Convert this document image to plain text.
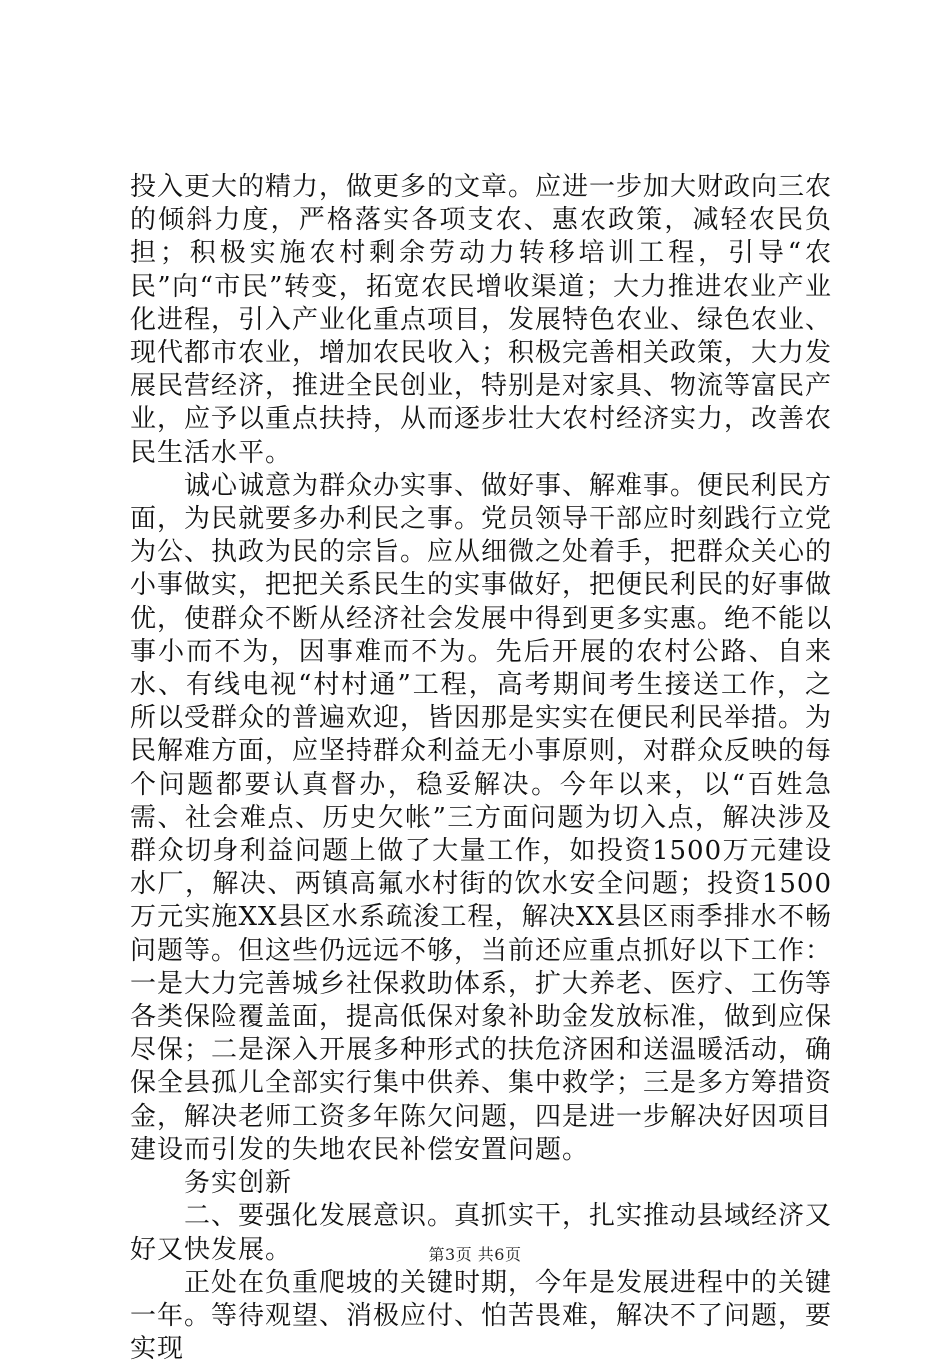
投入更大的精力，做更多的文章。应进一步加大财政向三农的倾斜力度，严格落实各项支农、惠农政策，减轻农民负担；积极实施农村剩余劳动力转移培训工程，引导“农民”向“市民”转变，拓宽农民增收渠道；大力推进农业产业化进程，引入产业化重点项目，发展特色农业、绿色农业、现代都市农业，增加农民收入；积极完善相关政策，大力发展民营经济，推进全民创业，特别是对家具、物流等富民产业，应予以重点扶持，从而逐步壮大农村经济实力，改善农民生活水平。

诚心诚意为群众办实事、做好事、解难事。便民利民方面，为民就要多办利民之事。党员领导干部应时刻践行立党为公、执政为民的宗旨。应从细微之处着手，把群众关心的小事做实，把把关系民生的实事做好，把便民利民的好事做优，使群众不断从经济社会发展中得到更多实惠。绝不能以事小而不为，因事难而不为。先后开展的农村公路、自来水、有线电视“村村通”工程，高考期间考生接送工作，之所以受群众的普遍欢迎，皆因那是实实在便民利民举措。为民解难方面，应坚持群众利益无小事原则，对群众反映的每个问题都要认真督办，稳妥解决。今年以来，以“百姓急需、社会难点、历史欠帐”三方面问题为切入点，解决涉及群众切身利益问题上做了大量工作，如投资1500万元建设水厂，解决、两镇高氟水村街的饮水安全问题；投资1500万元实施XX县区水系疏浚工程，解决XX县区雨季排水不畅问题等。但这些仍远远不够，当前还应重点抓好以下工作：一是大力完善城乡社保救助体系，扩大养老、医疗、工伤等各类保险覆盖面，提高低保对象补助金发放标准，做到应保尽保；二是深入开展多种形式的扶危济困和送温暖活动，确保全县孤儿全部实行集中供养、集中救学；三是多方筹措资金，解决老师工资多年陈欠问题，四是进一步解决好因项目建设而引发的失地农民补偿安置问题。

务实创新

二、要强化发展意识。真抓实干，扎实推动县域经济又好又快发展。

正处在负重爬坡的关键时期，今年是发展进程中的关键一年。等待观望、消极应付、怕苦畏难，解决不了问题，要实现

第3页 共6页
